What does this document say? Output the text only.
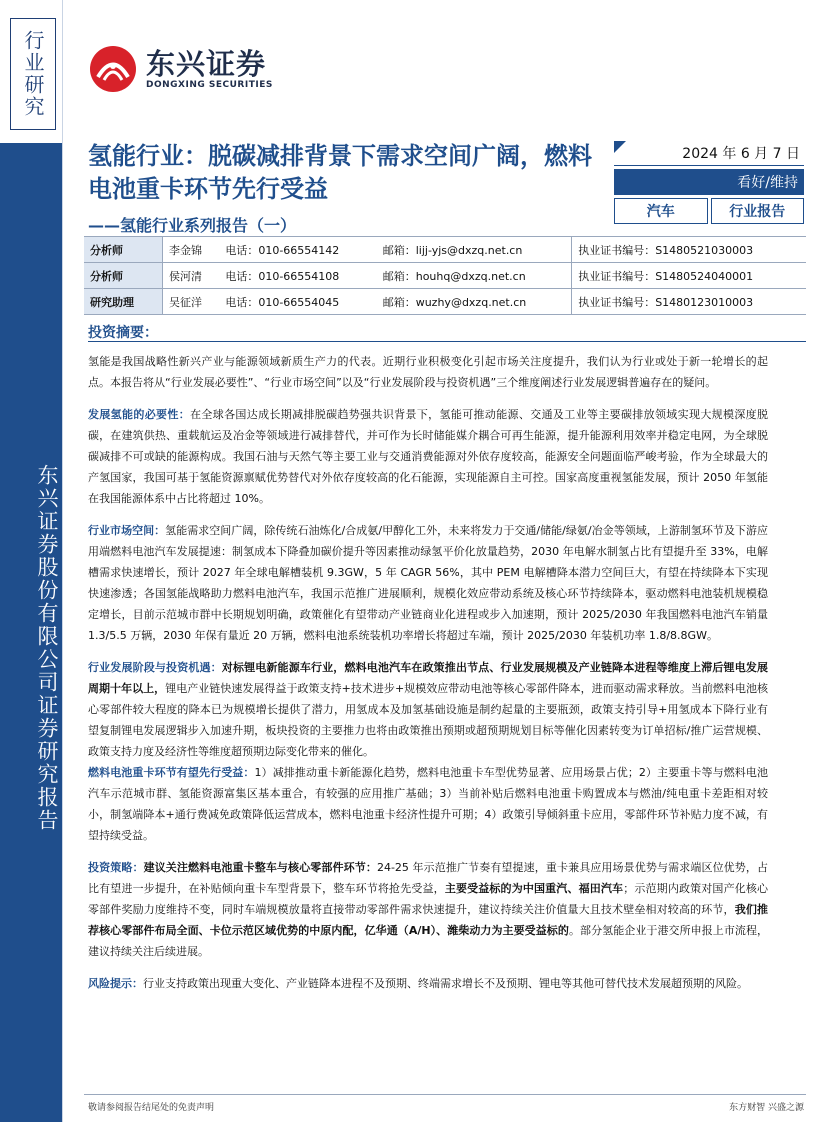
行业研究
东兴证券股份有限公司证券研究报告
东兴证券
DONGXING SECURITIES
氢能行业：脱碳减排背景下需求空间广阔，燃料电池重卡环节先行受益
——氢能行业系列报告（一）
2024 年 6 月 7 日
看好/维持
汽车	行业报告
分析师	李金锦	电话：010-66554142	邮箱：lijj-yjs@dxzq.net.cn	执业证书编号：S1480521030003
分析师	侯河清	电话：010-66554108	邮箱：houhq@dxzq.net.cn	执业证书编号：S1480524040001
研究助理	吴征洋	电话：010-66554045	邮箱：wuzhy@dxzq.net.cn	执业证书编号：S1480123010003
投资摘要：

氢能是我国战略性新兴产业与能源领域新质生产力的代表。近期行业积极变化引起市场关注度提升，我们认为行业或处于新一轮增长的起点。本报告将从“行业发展必要性”、“行业市场空间”以及“行业发展阶段与投资机遇”三个维度阐述行业发展逻辑普遍存在的疑问。

发展氢能的必要性：在全球各国达成长期减排脱碳趋势强共识背景下，氢能可推动能源、交通及工业等主要碳排放领域实现大规模深度脱碳，在建筑供热、重载航运及冶金等领域进行减排替代，并可作为长时储能媒介耦合可再生能源，提升能源利用效率并稳定电网，为全球脱碳减排不可或缺的能源构成。我国石油与天然气等主要工业与交通消费能源对外依存度较高，能源安全问题面临严峻考验，作为全球最大的产氢国家，我国可基于氢能资源禀赋优势替代对外依存度较高的化石能源，实现能源自主可控。国家高度重视氢能发展，预计 2050 年氢能在我国能源体系中占比将超过 10%。

行业市场空间：氢能需求空间广阔，除传统石油炼化/合成氨/甲醇化工外，未来将发力于交通/储能/绿氨/冶金等领域，上游制氢环节及下游应用端燃料电池汽车发展提速：制氢成本下降叠加碳价提升等因素推动绿氢平价化放量趋势，2030 年电解水制氢占比有望提升至 33%，电解槽需求快速增长，预计 2027 年全球电解槽装机 9.3GW，5 年 CAGR 56%，其中 PEM 电解槽降本潜力空间巨大，有望在持续降本下实现快速渗透；各国氢能战略助力燃料电池汽车，我国示范推广进展顺利，规模化效应带动系统及核心环节持续降本，驱动燃料电池装机规模稳定增长，目前示范城市群中长期规划明确，政策催化有望带动产业链商业化进程或步入加速期，预计 2025/2030 年我国燃料电池汽车销量 1.3/5.5 万辆，2030 年保有量近 20 万辆，燃料电池系统装机功率增长将超过车端，预计 2025/2030 年装机功率 1.8/8.8GW。

行业发展阶段与投资机遇：对标锂电新能源车行业，燃料电池汽车在政策推出节点、行业发展规模及产业链降本进程等维度上滞后锂电发展周期十年以上，锂电产业链快速发展得益于政策支持+技术进步+规模效应带动电池等核心零部件降本，进而驱动需求释放。当前燃料电池核心零部件较大程度的降本已为规模增长提供了潜力，用氢成本及加氢基础设施是制约起量的主要瓶颈，政策支持引导+用氢成本下降行业有望复制锂电发展逻辑步入加速升期，板块投资的主要推力也将由政策推出预期或超预期规划目标等催化因素转变为订单招标/推广运营规模、政策支持力度及经济性等维度超预期边际变化带来的催化。
燃料电池重卡环节有望先行受益：1）减排推动重卡新能源化趋势，燃料电池重卡车型优势显著、应用场景占优；2）主要重卡等与燃料电池汽车示范城市群、氢能资源富集区基本重合，有较强的应用推广基础；3）当前补贴后燃料电池重卡购置成本与燃油/纯电重卡差距相对较小，制氢端降本+通行费减免政策降低运营成本，燃料电池重卡经济性提升可期；4）政策引导倾斜重卡应用，零部件环节补贴力度不减，有望持续受益。

投资策略：建议关注燃料电池重卡整车与核心零部件环节：24-25 年示范推广节奏有望提速，重卡兼具应用场景优势与需求端区位优势，占比有望进一步提升，在补贴倾向重卡车型背景下，整车环节将抢先受益，主要受益标的为中国重汽、福田汽车；示范期内政策对国产化核心零部件奖励力度维持不变，同时车端规模放量将直接带动零部件需求快速提升，建议持续关注价值量大且技术壁垒相对较高的环节，我们推荐核心零部件布局全面、卡位示范区域优势的中原内配，亿华通（A/H）、潍柴动力为主要受益标的。部分氢能企业于港交所申报上市流程，建议持续关注后续进展。

风险提示：行业支持政策出现重大变化、产业链降本进程不及预期、终端需求增长不及预期、锂电等其他可替代技术发展超预期的风险。

敬请参阅报告结尾处的免责声明	东方财智 兴盛之源
